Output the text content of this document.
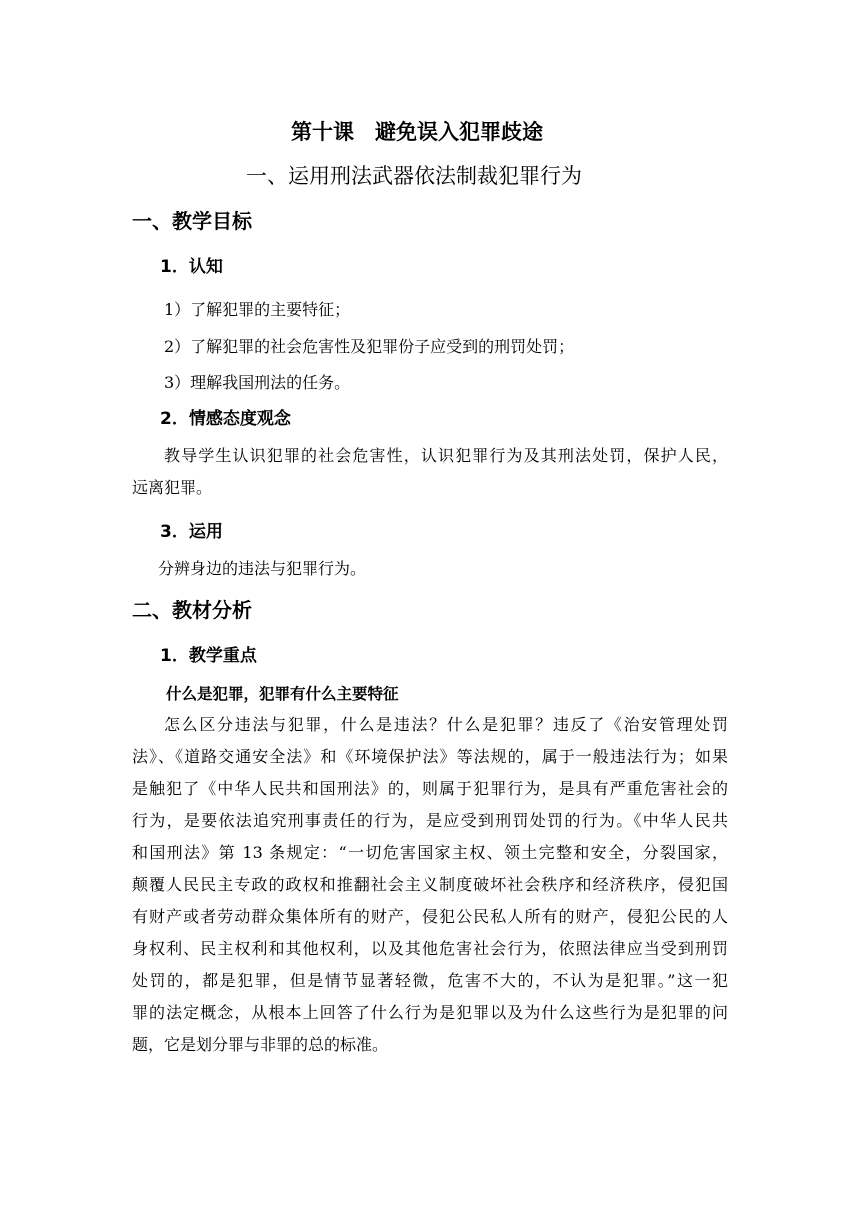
第十课　避免误入犯罪歧途
一、运用刑法武器依法制裁犯罪行为
一、教学目标
1．认知
1）了解犯罪的主要特征；
2）了解犯罪的社会危害性及犯罪份子应受到的刑罚处罚；
3）理解我国刑法的任务。
2．情感态度观念
教导学生认识犯罪的社会危害性，认识犯罪行为及其刑法处罚，保护人民，
远离犯罪。
3．运用
分辨身边的违法与犯罪行为。
二、教材分析
1．教学重点
什么是犯罪，犯罪有什么主要特征
怎么区分违法与犯罪，什么是违法？什么是犯罪？违反了《治安管理处罚
法》、《道路交通安全法》和《环境保护法》等法规的，属于一般违法行为；如果
是触犯了《中华人民共和国刑法》的，则属于犯罪行为，是具有严重危害社会的
行为，是要依法追究刑事责任的行为，是应受到刑罚处罚的行为。《中华人民共
和国刑法》第 13 条规定：“一切危害国家主权、领土完整和安全，分裂国家，
颠覆人民民主专政的政权和推翻社会主义制度破坏社会秩序和经济秩序，侵犯国
有财产或者劳动群众集体所有的财产，侵犯公民私人所有的财产，侵犯公民的人
身权利、民主权利和其他权利，以及其他危害社会行为，依照法律应当受到刑罚
处罚的，都是犯罪，但是情节显著轻微，危害不大的，不认为是犯罪。”这一犯
罪的法定概念，从根本上回答了什么行为是犯罪以及为什么这些行为是犯罪的问
题，它是划分罪与非罪的总的标准。
